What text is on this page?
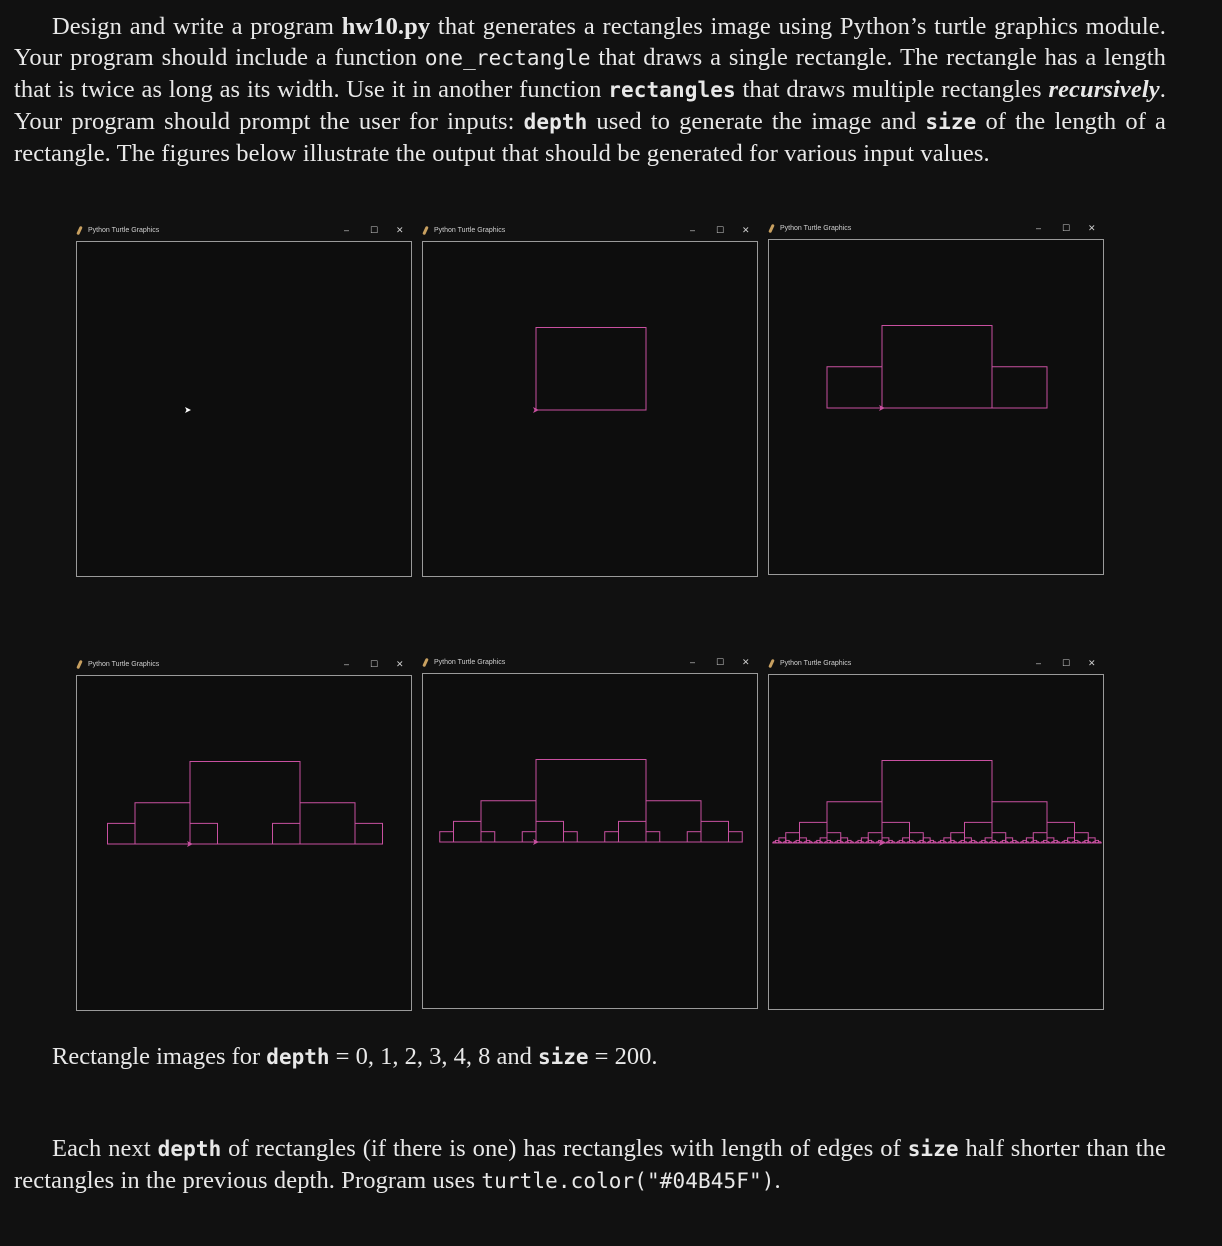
Design and write a program hw10.py that generates a rectangles image using Python’s turtle graphics module. Your program should include a function one_rectangle that draws a single rectangle. The rectangle has a length that is twice as long as its width. Use it in another function rectangles that draws multiple rectangles recursively. Your program should prompt the user for inputs: depth used to generate the image and size of the length of a rectangle. The figures below illustrate the output that should be generated for various input values.

Python Turtle Graphics	– ☐ ✕	Python Turtle Graphics	– ☐ ✕	Python Turtle Graphics	– ☐ ✕
Python Turtle Graphics	– ☐ ✕	Python Turtle Graphics	– ☐ ✕	Python Turtle Graphics	– ☐ ✕

Rectangle images for depth = 0, 1, 2, 3, 4, 8 and size = 200.

Each next depth of rectangles (if there is one) has rectangles with length of edges of size half shorter than the rectangles in the previous depth. Program uses turtle.color("#04B45F").
